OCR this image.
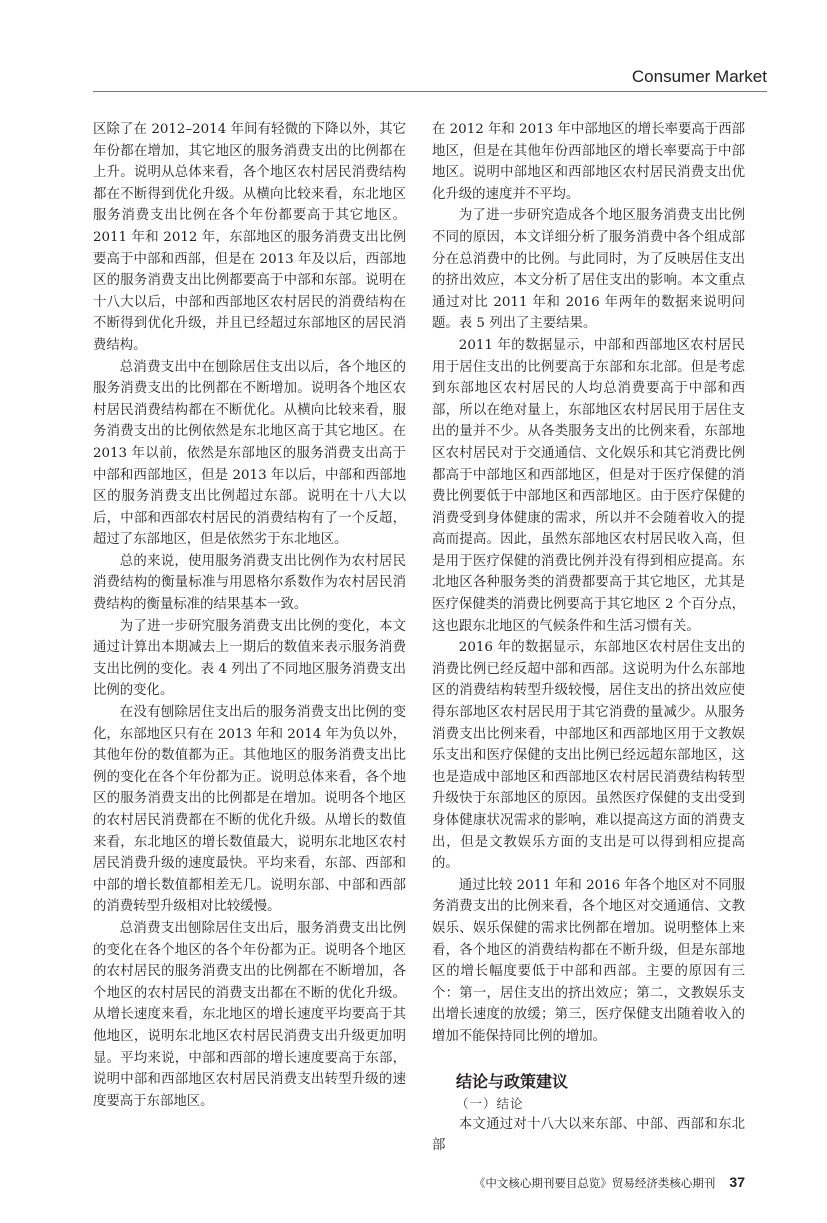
Consumer Market

区除了在 2012–2014 年间有轻微的下降以外，其它年份都在增加，其它地区的服务消费支出的比例都在上升。说明从总体来看，各个地区农村居民消费结构都在不断得到优化升级。从横向比较来看，东北地区服务消费支出比例在各个年份都要高于其它地区。2011 年和 2012 年，东部地区的服务消费支出比例要高于中部和西部，但是在 2013 年及以后，西部地区的服务消费支出比例都要高于中部和东部。说明在十八大以后，中部和西部地区农村居民的消费结构在不断得到优化升级，并且已经超过东部地区的居民消费结构。

总消费支出中在刨除居住支出以后，各个地区的服务消费支出的比例都在不断增加。说明各个地区农村居民消费结构都在不断优化。从横向比较来看，服务消费支出的比例依然是东北地区高于其它地区。在 2013 年以前，依然是东部地区的服务消费支出高于中部和西部地区，但是 2013 年以后，中部和西部地区的服务消费支出比例超过东部。说明在十八大以后，中部和西部农村居民的消费结构有了一个反超，超过了东部地区，但是依然劣于东北地区。

总的来说，使用服务消费支出比例作为农村居民消费结构的衡量标准与用恩格尔系数作为农村居民消费结构的衡量标准的结果基本一致。

为了进一步研究服务消费支出比例的变化，本文通过计算出本期减去上一期后的数值来表示服务消费支出比例的变化。表 4 列出了不同地区服务消费支出比例的变化。

在没有刨除居住支出后的服务消费支出比例的变化，东部地区只有在 2013 年和 2014 年为负以外，其他年份的数值都为正。其他地区的服务消费支出比例的变化在各个年份都为正。说明总体来看，各个地区的服务消费支出的比例都是在增加。说明各个地区的农村居民消费都在不断的优化升级。从增长的数值来看，东北地区的增长数值最大，说明东北地区农村居民消费升级的速度最快。平均来看，东部、西部和中部的增长数值都相差无几。说明东部、中部和西部的消费转型升级相对比较缓慢。

总消费支出刨除居住支出后，服务消费支出比例的变化在各个地区的各个年份都为正。说明各个地区的农村居民的服务消费支出的比例都在不断增加，各个地区的农村居民的消费支出都在不断的优化升级。从增长速度来看，东北地区的增长速度平均要高于其他地区，说明东北地区农村居民消费支出升级更加明显。平均来说，中部和西部的增长速度要高于东部，说明中部和西部地区农村居民消费支出转型升级的速度要高于东部地区。

在 2012 年和 2013 年中部地区的增长率要高于西部地区，但是在其他年份西部地区的增长率要高于中部地区。说明中部地区和西部地区农村居民消费支出优化升级的速度并不平均。

为了进一步研究造成各个地区服务消费支出比例不同的原因，本文详细分析了服务消费中各个组成部分在总消费中的比例。与此同时，为了反映居住支出的挤出效应，本文分析了居住支出的影响。本文重点通过对比 2011 年和 2016 年两年的数据来说明问题。表 5 列出了主要结果。

2011 年的数据显示，中部和西部地区农村居民用于居住支出的比例要高于东部和东北部。但是考虑到东部地区农村居民的人均总消费要高于中部和西部，所以在绝对量上，东部地区农村居民用于居住支出的量并不少。从各类服务支出的比例来看，东部地区农村居民对于交通通信、文化娱乐和其它消费比例都高于中部地区和西部地区，但是对于医疗保健的消费比例要低于中部地区和西部地区。由于医疗保健的消费受到身体健康的需求，所以并不会随着收入的提高而提高。因此，虽然东部地区农村居民收入高，但是用于医疗保健的消费比例并没有得到相应提高。东北地区各种服务类的消费都要高于其它地区，尤其是医疗保健类的消费比例要高于其它地区 2 个百分点，这也跟东北地区的气候条件和生活习惯有关。

2016 年的数据显示，东部地区农村居住支出的消费比例已经反超中部和西部。这说明为什么东部地区的消费结构转型升级较慢，居住支出的挤出效应使得东部地区农村居民用于其它消费的量减少。从服务消费支出比例来看，中部地区和西部地区用于文教娱乐支出和医疗保健的支出比例已经远超东部地区，这也是造成中部地区和西部地区农村居民消费结构转型升级快于东部地区的原因。虽然医疗保健的支出受到身体健康状况需求的影响，难以提高这方面的消费支出，但是文教娱乐方面的支出是可以得到相应提高的。

通过比较 2011 年和 2016 年各个地区对不同服务消费支出的比例来看，各个地区对交通通信、文教娱乐、娱乐保健的需求比例都在增加。说明整体上来看，各个地区的消费结构都在不断升级，但是东部地区的增长幅度要低于中部和西部。主要的原因有三个：第一，居住支出的挤出效应；第二，文教娱乐支出增长速度的放缓；第三，医疗保健支出随着收入的增加不能保持同比例的增加。

结论与政策建议
（一）结论

本文通过对十八大以来东部、中部、西部和东北部

《中文核心期刊要目总览》贸易经济类核心期刊 37
